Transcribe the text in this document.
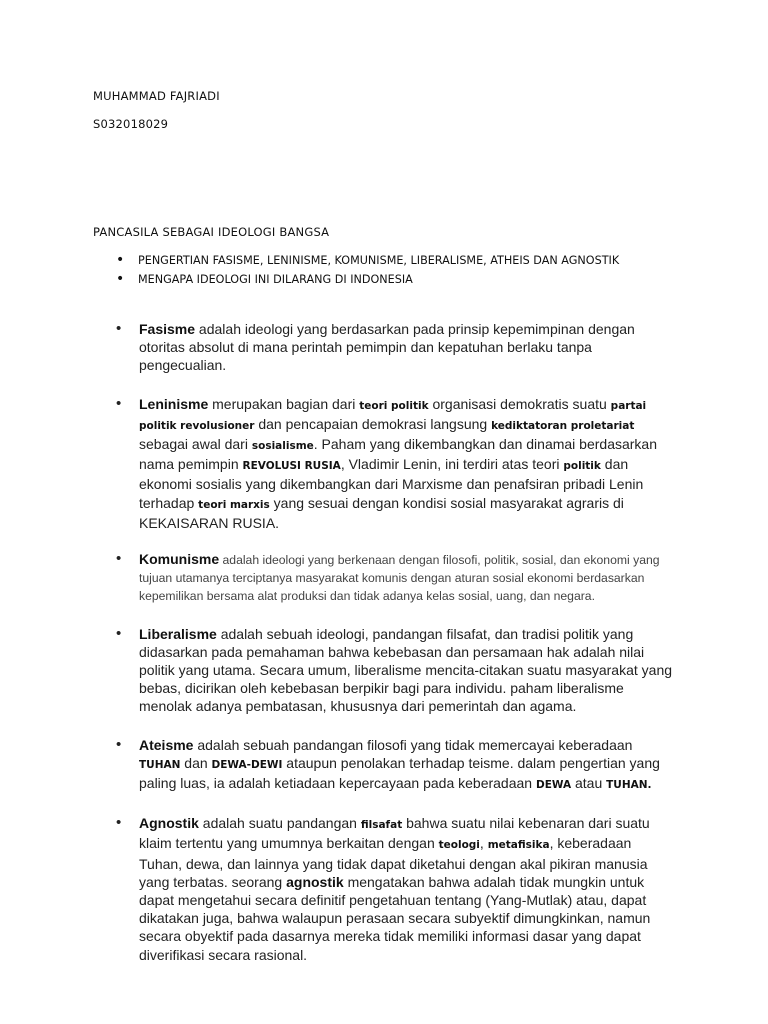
MUHAMMAD FAJRIADI
S032018029
PANCASILA SEBAGAI IDEOLOGI BANGSA
• PENGERTIAN FASISME, LENINISME, KOMUNISME, LIBERALISME, ATHEIS DAN AGNOSTIK
• MENGAPA IDEOLOGI INI DILARANG DI INDONESIA
• Fasisme adalah ideologi yang berdasarkan pada prinsip kepemimpinan dengan otoritas absolut di mana perintah pemimpin dan kepatuhan berlaku tanpa pengecualian.
• Leninisme merupakan bagian dari teori politik organisasi demokratis suatu partai politik revolusioner dan pencapaian demokrasi langsung kediktatoran proletariat sebagai awal dari sosialisme. Paham yang dikembangkan dan dinamai berdasarkan nama pemimpin REVOLUSI RUSIA, Vladimir Lenin, ini terdiri atas teori politik dan ekonomi sosialis yang dikembangkan dari Marxisme dan penafsiran pribadi Lenin terhadap teori marxis yang sesuai dengan kondisi sosial masyarakat agraris di KEKAISARAN RUSIA.
• Komunisme adalah ideologi yang berkenaan dengan filosofi, politik, sosial, dan ekonomi yang tujuan utamanya terciptanya masyarakat komunis dengan aturan sosial ekonomi berdasarkan kepemilikan bersama alat produksi dan tidak adanya kelas sosial, uang, dan negara.
• Liberalisme adalah sebuah ideologi, pandangan filsafat, dan tradisi politik yang didasarkan pada pemahaman bahwa kebebasan dan persamaan hak adalah nilai politik yang utama. Secara umum, liberalisme mencita-citakan suatu masyarakat yang bebas, dicirikan oleh kebebasan berpikir bagi para individu. paham liberalisme menolak adanya pembatasan, khususnya dari pemerintah dan agama.
• Ateisme adalah sebuah pandangan filosofi yang tidak memercayai keberadaan TUHAN dan DEWA-DEWI ataupun penolakan terhadap teisme. dalam pengertian yang paling luas, ia adalah ketiadaan kepercayaan pada keberadaan DEWA atau TUHAN.
• Agnostik adalah suatu pandangan filsafat bahwa suatu nilai kebenaran dari suatu klaim tertentu yang umumnya berkaitan dengan teologi, metafisika, keberadaan Tuhan, dewa, dan lainnya yang tidak dapat diketahui dengan akal pikiran manusia yang terbatas. seorang agnostik mengatakan bahwa adalah tidak mungkin untuk dapat mengetahui secara definitif pengetahuan tentang (Yang-Mutlak) atau, dapat dikatakan juga, bahwa walaupun perasaan secara subyektif dimungkinkan, namun secara obyektif pada dasarnya mereka tidak memiliki informasi dasar yang dapat diverifikasi secara rasional.
